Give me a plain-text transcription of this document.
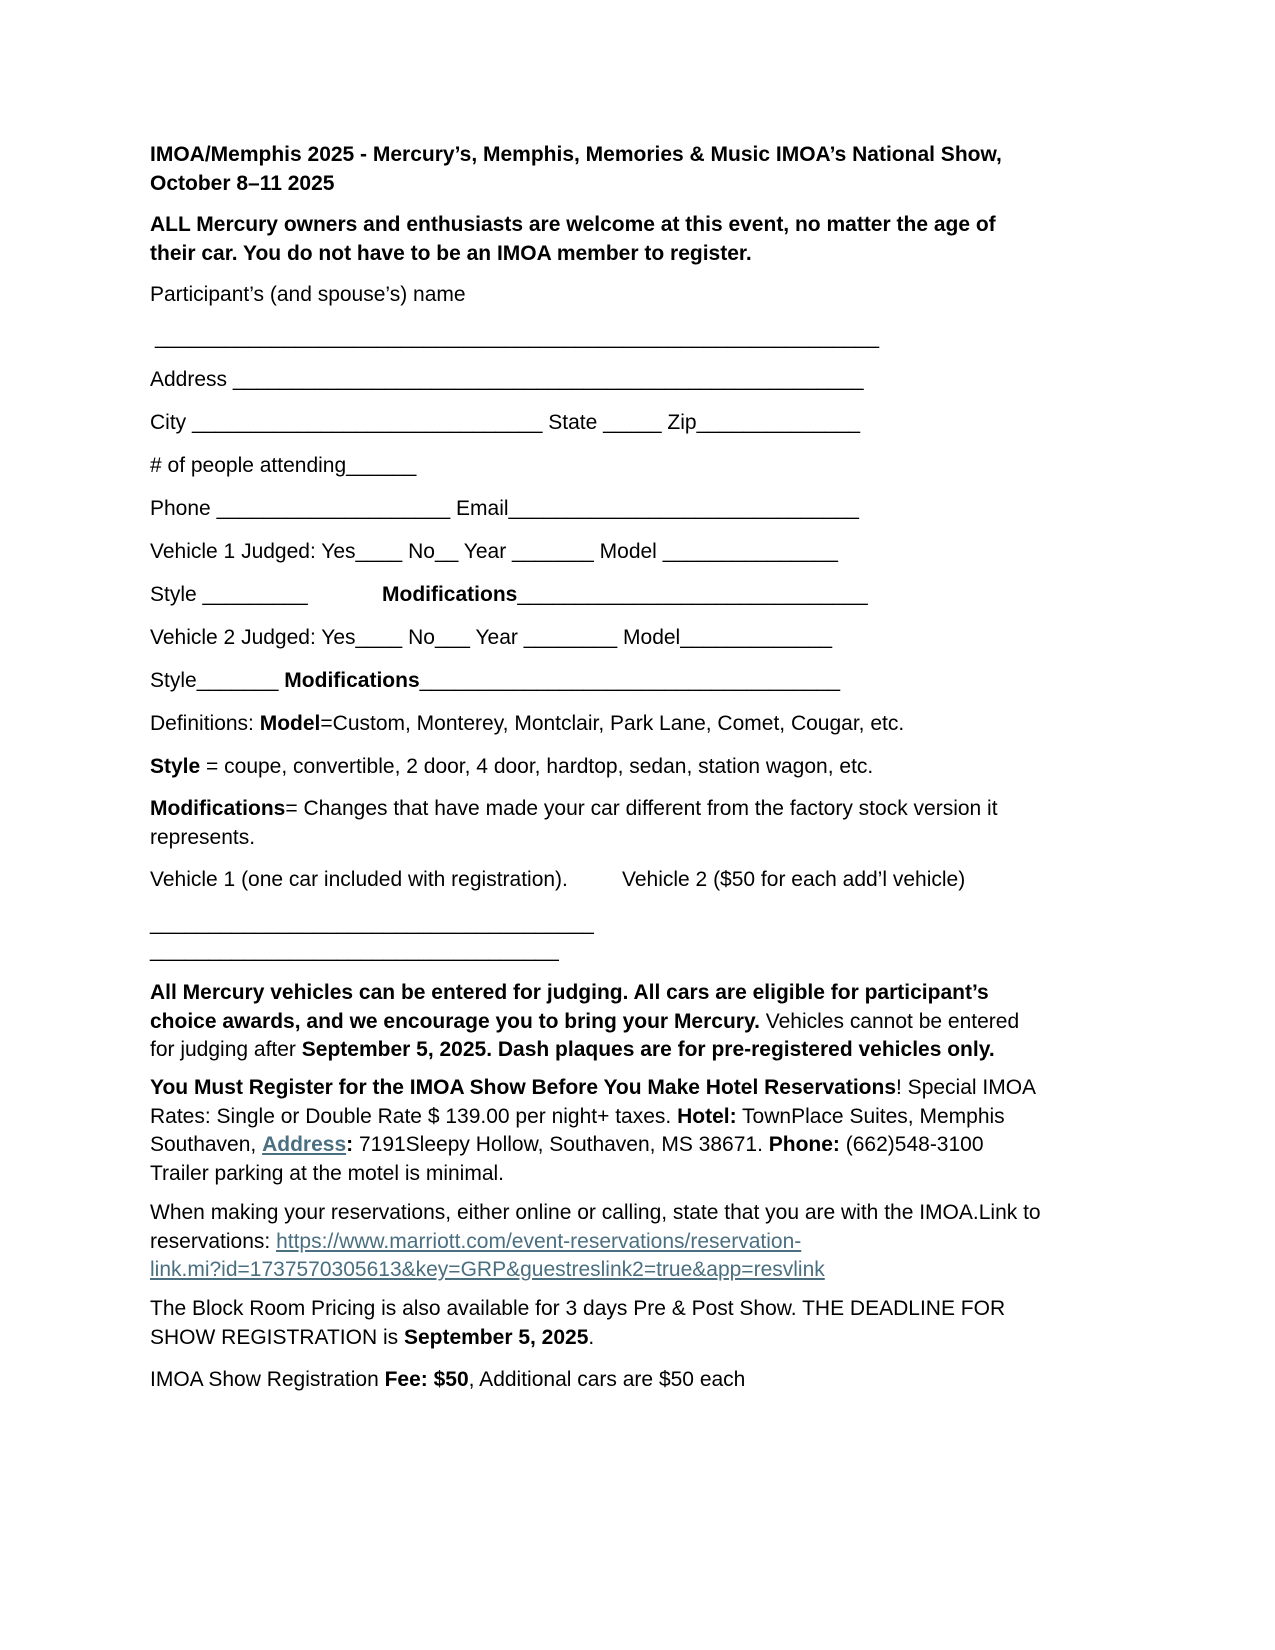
IMOA/Memphis 2025 - Mercury’s, Memphis, Memories & Music IMOA’s National Show,
October 8–11 2025
ALL Mercury owners and enthusiasts are welcome at this event, no matter the age of
their car. You do not have to be an IMOA member to register.
Participant’s (and spouse’s) name
______________________________________________________________
Address ______________________________________________________
City ______________________________ State _____ Zip______________
# of people attending______
Phone ____________________ Email______________________________
Vehicle 1 Judged: Yes____ No__ Year _______ Model _______________
Style _________	Modifications______________________________
Vehicle 2 Judged: Yes____ No___ Year ________ Model_____________
Style_______ Modifications____________________________________
Definitions: Model=Custom, Monterey, Montclair, Park Lane, Comet, Cougar, etc.
Style = coupe, convertible, 2 door, 4 door, hardtop, sedan, station wagon, etc.
Modifications= Changes that have made your car different from the factory stock version it
represents.
Vehicle 1 (one car included with registration).	Vehicle 2 ($50 for each add’l vehicle)
______________________________________
___________________________________
All Mercury vehicles can be entered for judging. All cars are eligible for participant’s
choice awards, and we encourage you to bring your Mercury. Vehicles cannot be entered
for judging after September 5, 2025. Dash plaques are for pre-registered vehicles only.
You Must Register for the IMOA Show Before You Make Hotel Reservations! Special IMOA
Rates: Single or Double Rate $ 139.00 per night+ taxes. Hotel: TownPlace Suites, Memphis
Southaven, Address: 7191Sleepy Hollow, Southaven, MS 38671. Phone: (662)548-3100
Trailer parking at the motel is minimal.
When making your reservations, either online or calling, state that you are with the IMOA.Link to
reservations: https://www.marriott.com/event-reservations/reservation-
link.mi?id=1737570305613&key=GRP&guestreslink2=true&app=resvlink
The Block Room Pricing is also available for 3 days Pre & Post Show. THE DEADLINE FOR
SHOW REGISTRATION is September 5, 2025.
IMOA Show Registration Fee: $50, Additional cars are $50 each
